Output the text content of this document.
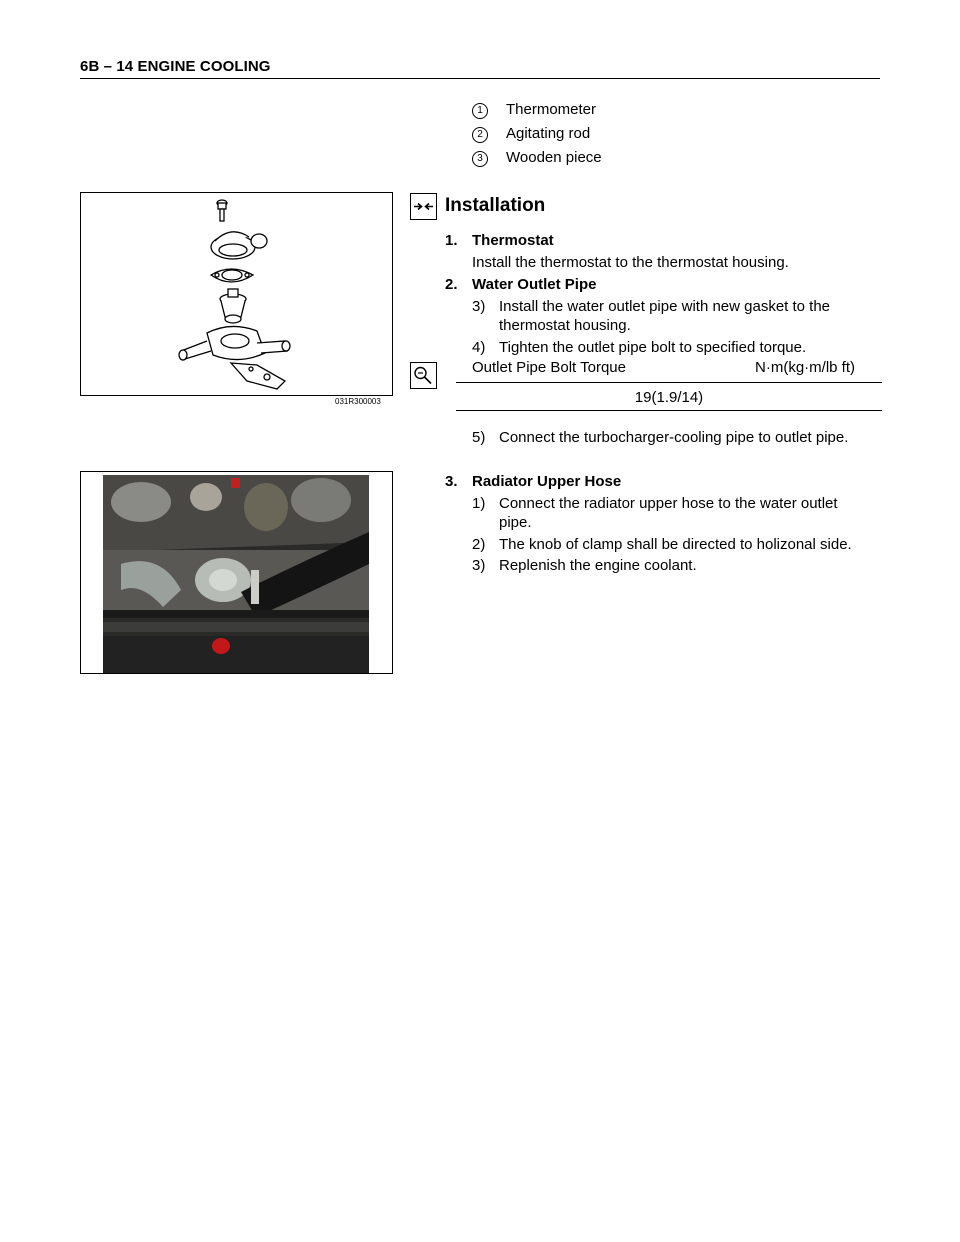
6B – 14 ENGINE COOLING
1 Thermometer
2 Agitating rod
3 Wooden piece
031R300003
Installation
1. Thermostat
Install the thermostat to the thermostat housing.
2. Water Outlet Pipe
3) Install the water outlet pipe with new gasket to the
thermostat housing.
4) Tighten the outlet pipe bolt to specified torque.
Outlet Pipe Bolt Torque	N·m(kg·m/lb ft)
19(1.9/14)
5) Connect the turbocharger-cooling pipe to outlet pipe.
3. Radiator Upper Hose
1) Connect the radiator upper hose to the water outlet
pipe.
2) The knob of clamp shall be directed to holizonal side.
3) Replenish the engine coolant.
